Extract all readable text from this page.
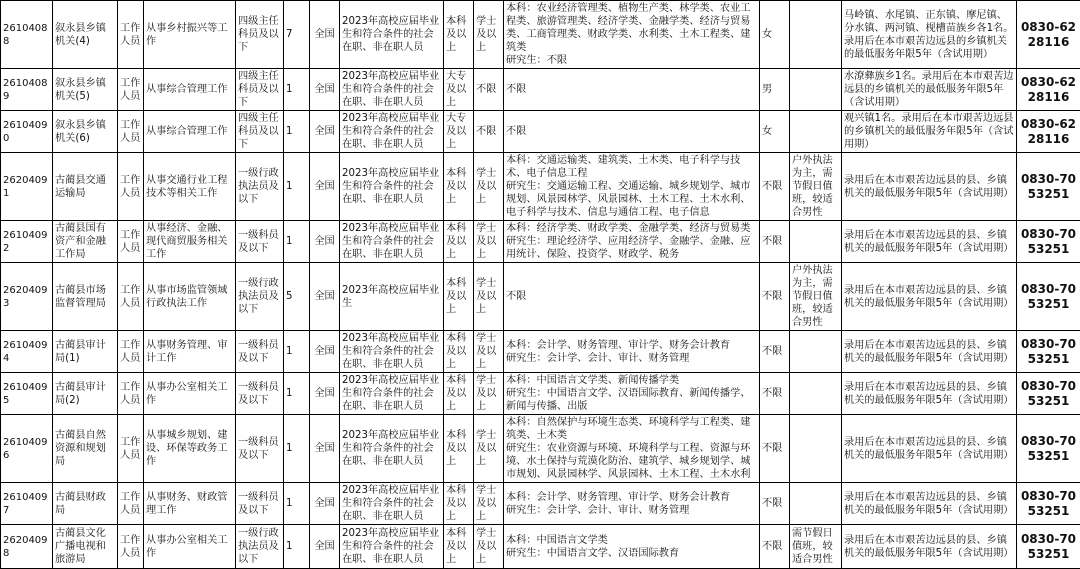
26104088	叙永县乡镇机关(4)	工作人员	从事乡村振兴等工作	四级主任科员及以下	7	全国	2023年高校应届毕业生和符合条件的社会在职、非在职人员	本科及以上	学士及以上	本科：农业经济管理类、植物生产类、林学类、农业工程类、旅游管理类、经济学类、金融学类、经济与贸易类、工商管理类、财政学类、水利类、土木工程类、建筑类
研究生：不限	女		马岭镇、水尾镇、正东镇、摩尼镇、分水镇、两河镇、枧槽苗族乡各1名。录用后在本市艰苦边远县的乡镇机关的最低服务年限5年（含试用期）	0830-6228116
26104089	叙永县乡镇机关(5)	工作人员	从事综合管理工作	四级主任科员及以下	1	全国	2023年高校应届毕业生和符合条件的社会在职、非在职人员	大专及以上	不限	不限	男		水潦彝族乡1名。录用后在本市艰苦边远县的乡镇机关的最低服务年限5年（含试用期）	0830-6228116
26104090	叙永县乡镇机关(6)	工作人员	从事综合管理工作	四级主任科员及以下	1	全国	2023年高校应届毕业生和符合条件的社会在职、非在职人员	大专及以上	不限	不限	女		观兴镇1名。录用后在本市艰苦边远县的乡镇机关的最低服务年限5年（含试用期）	0830-6228116
26204091	古蔺县交通运输局	工作人员	从事交通行业工程技术等相关工作	一级行政执法员及以下	1	全国	2023年高校应届毕业生和符合条件的社会在职、非在职人员	本科及以上	学士及以上	本科：交通运输类、建筑类、土木类、电子科学与技术、电子信息工程
研究生：交通运输工程、交通运输、城乡规划学、城市规划、风景园林学、风景园林、土木工程、土木水利、电子科学与技术、信息与通信工程、电子信息	不限	户外执法为主，需节假日值班，较适合男性	录用后在本市艰苦边远县的县、乡镇机关的最低服务年限5年（含试用期）	0830-7053251
26104092	古蔺县国有资产和金融工作局	工作人员	从事经济、金融、现代商贸服务相关工作	一级科员及以下	1	全国	2023年高校应届毕业生和符合条件的社会在职、非在职人员	本科及以上	学士及以上	本科：经济学类、财政学类、金融学类、经济与贸易类
研究生：理论经济学、应用经济学、金融学、金融、应用统计、保险、投资学、财政学、税务	不限		录用后在本市艰苦边远县的县、乡镇机关的最低服务年限5年（含试用期）	0830-7053251
26204093	古蔺县市场监督管理局	工作人员	从事市场监管领域行政执法工作	一级行政执法员及以下	5	全国	2023年高校应届毕业生	本科及以上	学士及以上	不限	不限	户外执法为主，需节假日值班，较适合男性	录用后在本市艰苦边远县的县、乡镇机关的最低服务年限5年（含试用期）	0830-7053251
26104094	古蔺县审计局(1)	工作人员	从事财务管理、审计工作	一级科员及以下	1	全国	2023年高校应届毕业生和符合条件的社会在职、非在职人员	本科及以上	学士及以上	本科：会计学、财务管理、审计学、财务会计教育
研究生：会计学、会计、审计、财务管理	不限		录用后在本市艰苦边远县的县、乡镇机关的最低服务年限5年（含试用期）	0830-7053251
26104095	古蔺县审计局(2)	工作人员	从事办公室相关工作	一级科员及以下	1	全国	2023年高校应届毕业生和符合条件的社会在职、非在职人员	本科及以上	学士及以上	本科：中国语言文学类、新闻传播学类
研究生：中国语言文学、汉语国际教育、新闻传播学、新闻与传播、出版	不限		录用后在本市艰苦边远县的县、乡镇机关的最低服务年限5年（含试用期）	0830-7053251
26104096	古蔺县自然资源和规划局	工作人员	从事城乡规划、建设、环保等政务工作	一级科员及以下	1	全国	2023年高校应届毕业生和符合条件的社会在职、非在职人员	本科及以上	学士及以上	本科：自然保护与环境生态类、环境科学与工程类、建筑类、土木类
研究生：农业资源与环境、环境科学与工程、资源与环境、水土保持与荒漠化防治、建筑学、城乡规划学、城市规划、风景园林学、风景园林、土木工程、土木水利	不限		录用后在本市艰苦边远县的县、乡镇机关的最低服务年限5年（含试用期）	0830-7053251
26104097	古蔺县财政局	工作人员	从事财务、财政管理工作	一级科员及以下	1	全国	2023年高校应届毕业生和符合条件的社会在职、非在职人员	本科及以上	学士及以上	本科：会计学、财务管理、审计学、财务会计教育
研究生：会计学、会计、审计、财务管理	不限		录用后在本市艰苦边远县的县、乡镇机关的最低服务年限5年（含试用期）	0830-7053251
26204098	古蔺县文化广播电视和旅游局	工作人员	从事办公室相关工作	一级行政执法员及以下	1	全国	2023年高校应届毕业生和符合条件的社会在职、非在职人员	本科及以上	学士及以上	本科：中国语言文学类
研究生：中国语言文学、汉语国际教育	不限	需节假日值班，较适合男性	录用后在本市艰苦边远县的县、乡镇机关的最低服务年限5年（含试用期）	0830-7053251
